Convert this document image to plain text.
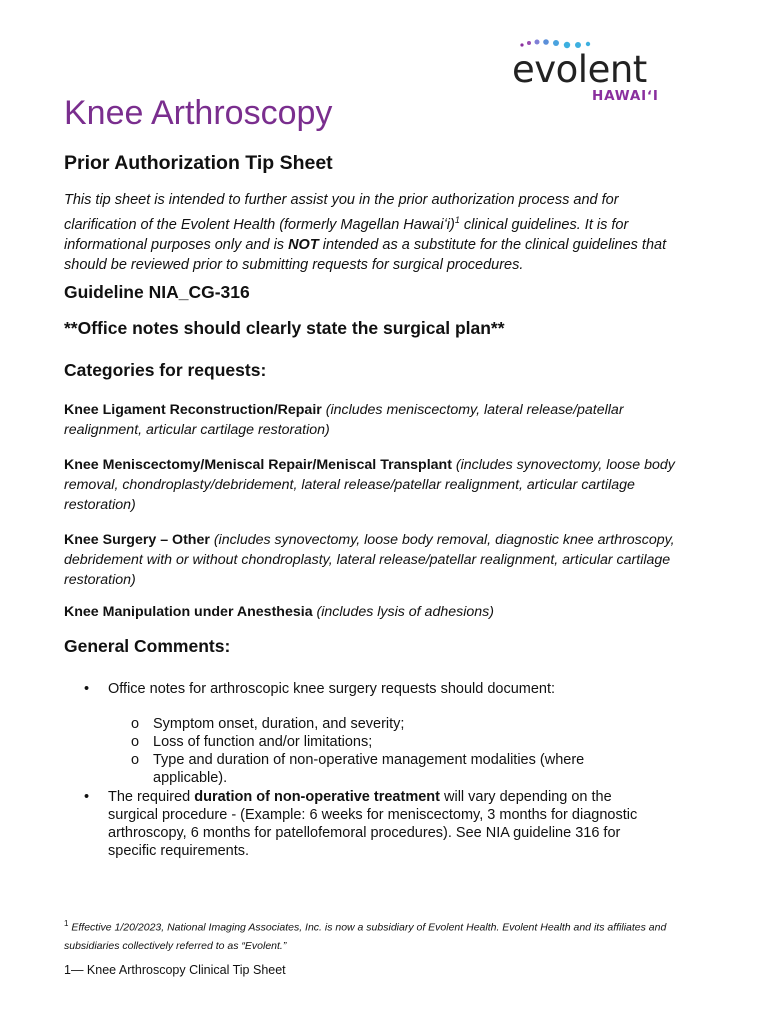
evolent
HAWAIʻI
Knee Arthroscopy
Prior Authorization Tip Sheet

This tip sheet is intended to further assist you in the prior authorization process and for clarification of the Evolent Health (formerly Magellan Hawaiʻi)$^1$ clinical guidelines. It is for informational purposes only and is NOT intended as a substitute for the clinical guidelines that should be reviewed prior to submitting requests for surgical procedures.

Guideline NIA_CG-316
**Office notes should clearly state the surgical plan**
Categories for requests:

Knee Ligament Reconstruction/Repair (includes meniscectomy, lateral release/patellar realignment, articular cartilage restoration)

Knee Meniscectomy/Meniscal Repair/Meniscal Transplant (includes synovectomy, loose body removal, chondroplasty/debridement, lateral release/patellar realignment, articular cartilage restoration)

Knee Surgery – Other (includes synovectomy, loose body removal, diagnostic knee arthroscopy, debridement with or without chondroplasty, lateral release/patellar realignment, articular cartilage restoration)

Knee Manipulation under Anesthesia (includes lysis of adhesions)

General Comments:
•	Office notes for arthroscopic knee surgery requests should document:
o Symptom onset, duration, and severity;
o Loss of function and/or limitations;
o Type and duration of non-operative management modalities (where applicable).
•	The required duration of non-operative treatment will vary depending on the surgical procedure - (Example: 6 weeks for meniscectomy, 3 months for diagnostic arthroscopy, 6 months for patellofemoral procedures). See NIA guideline 316 for specific requirements.

$^1$ Effective 1/20/2023, National Imaging Associates, Inc. is now a subsidiary of Evolent Health. Evolent Health and its affiliates and subsidiaries collectively referred to as “Evolent.”

1— Knee Arthroscopy Clinical Tip Sheet
